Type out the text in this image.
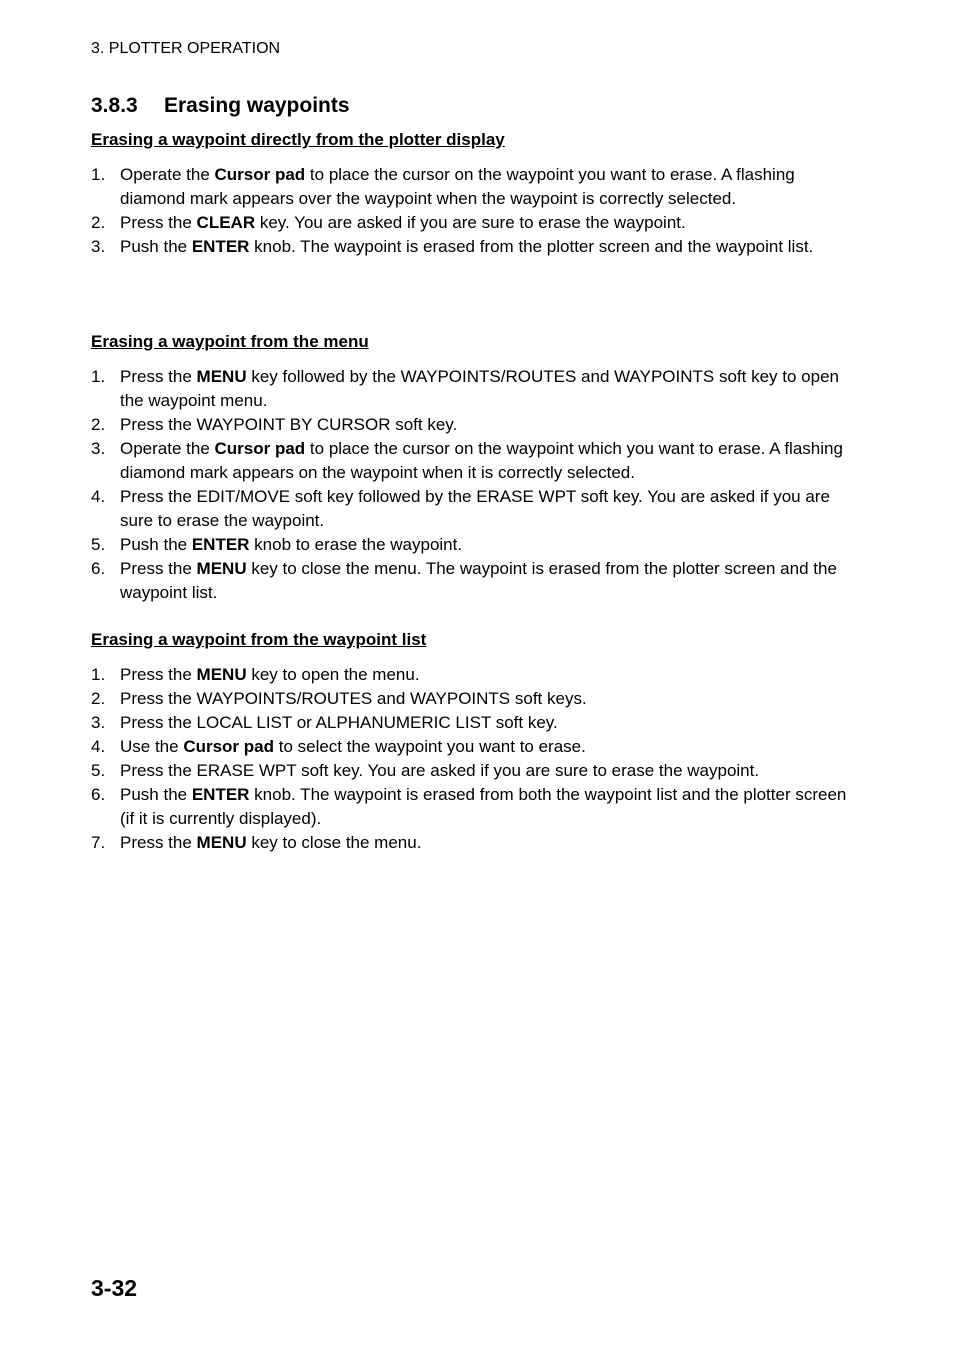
3. PLOTTER OPERATION
3.8.3 Erasing waypoints
Erasing a waypoint directly from the plotter display
1. Operate the Cursor pad to place the cursor on the waypoint you want to erase. A flashing diamond mark appears over the waypoint when the waypoint is correctly selected.
2. Press the CLEAR key. You are asked if you are sure to erase the waypoint.
3. Push the ENTER knob. The waypoint is erased from the plotter screen and the waypoint list.
Erasing a waypoint from the menu
1. Press the MENU key followed by the WAYPOINTS/ROUTES and WAYPOINTS soft key to open the waypoint menu.
2. Press the WAYPOINT BY CURSOR soft key.
3. Operate the Cursor pad to place the cursor on the waypoint which you want to erase. A flashing diamond mark appears on the waypoint when it is correctly selected.
4. Press the EDIT/MOVE soft key followed by the ERASE WPT soft key. You are asked if you are sure to erase the waypoint.
5. Push the ENTER knob to erase the waypoint.
6. Press the MENU key to close the menu. The waypoint is erased from the plotter screen and the waypoint list.
Erasing a waypoint from the waypoint list
1. Press the MENU key to open the menu.
2. Press the WAYPOINTS/ROUTES and WAYPOINTS soft keys.
3. Press the LOCAL LIST or ALPHANUMERIC LIST soft key.
4. Use the Cursor pad to select the waypoint you want to erase.
5. Press the ERASE WPT soft key. You are asked if you are sure to erase the waypoint.
6. Push the ENTER knob. The waypoint is erased from both the waypoint list and the plotter screen (if it is currently displayed).
7. Press the MENU key to close the menu.
3-32
